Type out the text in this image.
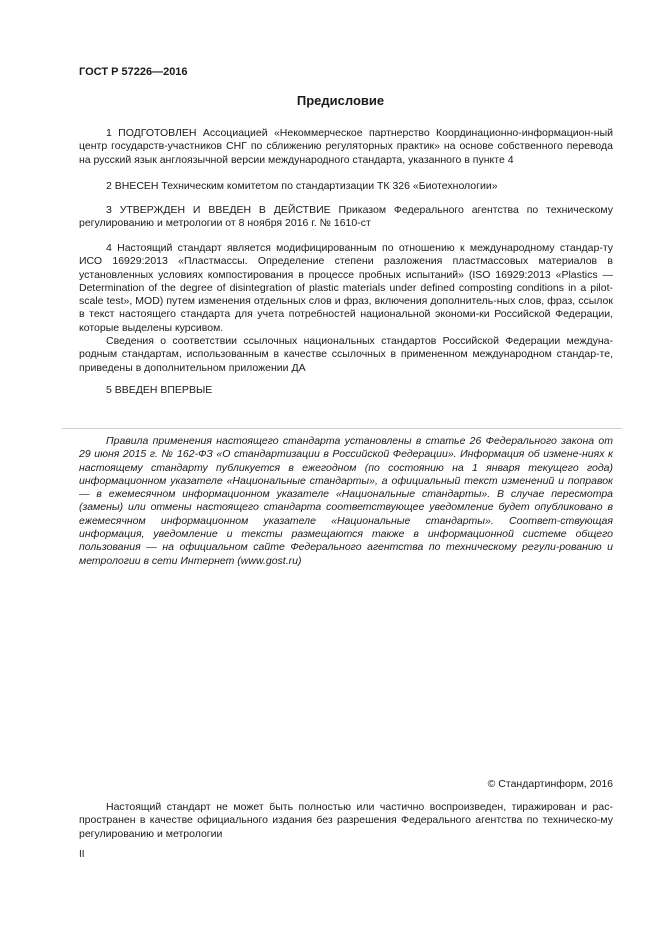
ГОСТ Р 57226—2016
Предисловие

1 ПОДГОТОВЛЕН Ассоциацией «Некоммерческое партнерство Координационно-информацион-ный центр государств-участников СНГ по сближению регуляторных практик» на основе собственного перевода на русский язык англоязычной версии международного стандарта, указанного в пункте 4

2 ВНЕСЕН Техническим комитетом по стандартизации ТК 326 «Биотехнологии»

3 УТВЕРЖДЕН И ВВЕДЕН В ДЕЙСТВИЕ Приказом Федерального агентства по техническому регулированию и метрологии от 8 ноября 2016 г. № 1610-ст

4 Настоящий стандарт является модифицированным по отношению к международному стандар-ту ИСО 16929:2013 «Пластмассы. Определение степени разложения пластмассовых материалов в установленных условиях компостирования в процессе пробных испытаний» (ISO 16929:2013 «Plastics — Determination of the degree of disintegration of plastic materials under defined composting conditions in a pilot-scale test», MOD) путем изменения отдельных слов и фраз, включения дополнитель-ных слов, фраз, ссылок в текст настоящего стандарта для учета потребностей национальной экономи-ки Российской Федерации, которые выделены курсивом.

Сведения о соответствии ссылочных национальных стандартов Российской Федерации междуна-родным стандартам, использованным в качестве ссылочных в примененном международном стандар-те, приведены в дополнительном приложении ДА

5 ВВЕДЕН ВПЕРВЫЕ

Правила применения настоящего стандарта установлены в статье 26 Федерального закона от 29 июня 2015 г. № 162-ФЗ «О стандартизации в Российской Федерации». Информация об измене-ниях к настоящему стандарту публикуется в ежегодном (по состоянию на 1 января текущего года) информационном указателе «Национальные стандарты», а официальный текст изменений и поправок — в ежемесячном информационном указателе «Национальные стандарты». В случае пересмотра (замены) или отмены настоящего стандарта соответствующее уведомление будет опубликовано в ежемесячном информационном указателе «Национальные стандарты». Соответ-ствующая информация, уведомление и тексты размещаются также в информационной системе общего пользования — на официальном сайте Федерального агентства по техническому регули-рованию и метрологии в сети Интернет (www.gost.ru)

© Стандартинформ, 2016

Настоящий стандарт не может быть полностью или частично воспроизведен, тиражирован и рас-пространен в качестве официального издания без разрешения Федерального агентства по техническо-му регулированию и метрологии

II
